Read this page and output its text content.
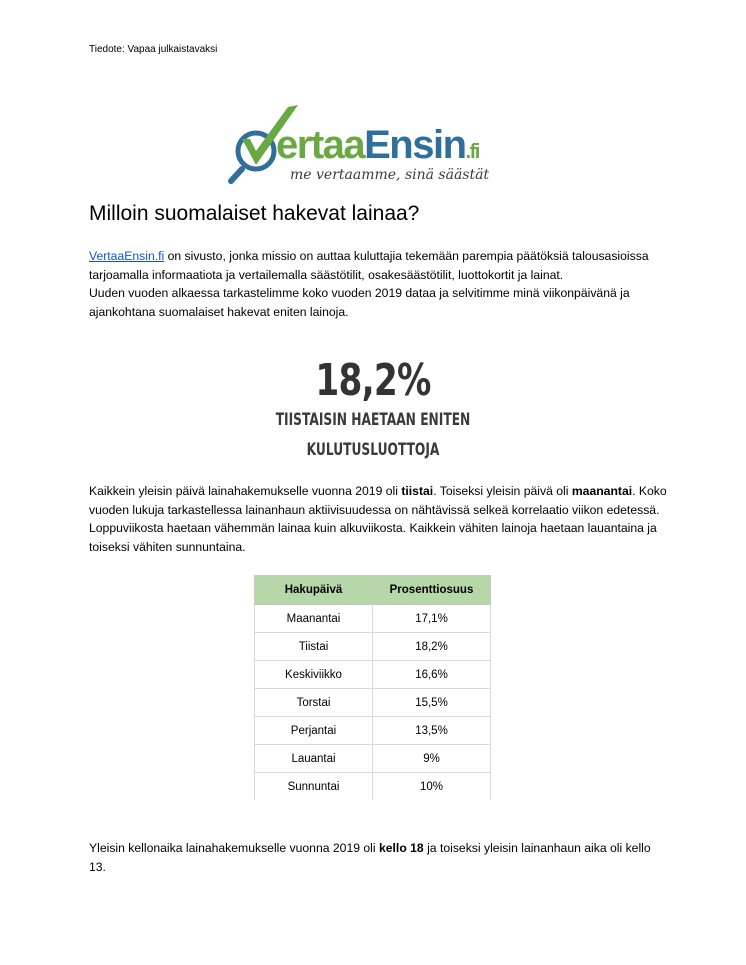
Tiedote: Vapaa julkaistavaksi
ertaaEnsin.fi
me vertaamme, sinä säästät
Milloin suomalaiset hakevat lainaa?

VertaaEnsin.fi on sivusto, jonka missio on auttaa kuluttajia tekemään parempia päätöksiä talousasioissa tarjoamalla informaatiota ja vertailemalla säästötilit, osakesäästötilit, luottokortit ja lainat.
Uuden vuoden alkaessa tarkastelimme koko vuoden 2019 dataa ja selvitimme minä viikonpäivänä ja ajankohtana suomalaiset hakevat eniten lainoja.

18,2%
TIISTAISIN HAETAAN ENITEN
KULUTUSLUOTTOJA

Kaikkein yleisin päivä lainahakemukselle vuonna 2019 oli tiistai. Toiseksi yleisin päivä oli maanantai. Koko vuoden lukuja tarkastellessa lainanhaun aktiivisuudessa on nähtävissä selkeä korrelaatio viikon edetessä. Loppuviikosta haetaan vähemmän lainaa kuin alkuviikosta. Kaikkein vähiten lainoja haetaan lauantaina ja toiseksi vähiten sunnuntaina.

Hakupäivä	Prosenttiosuus
Maanantai	17,1%
Tiistai	18,2%
Keskiviikko	16,6%
Torstai	15,5%
Perjantai	13,5%
Lauantai	9%
Sunnuntai	10%

Yleisin kellonaika lainahakemukselle vuonna 2019 oli kello 18 ja toiseksi yleisin lainanhaun aika oli kello 13.
